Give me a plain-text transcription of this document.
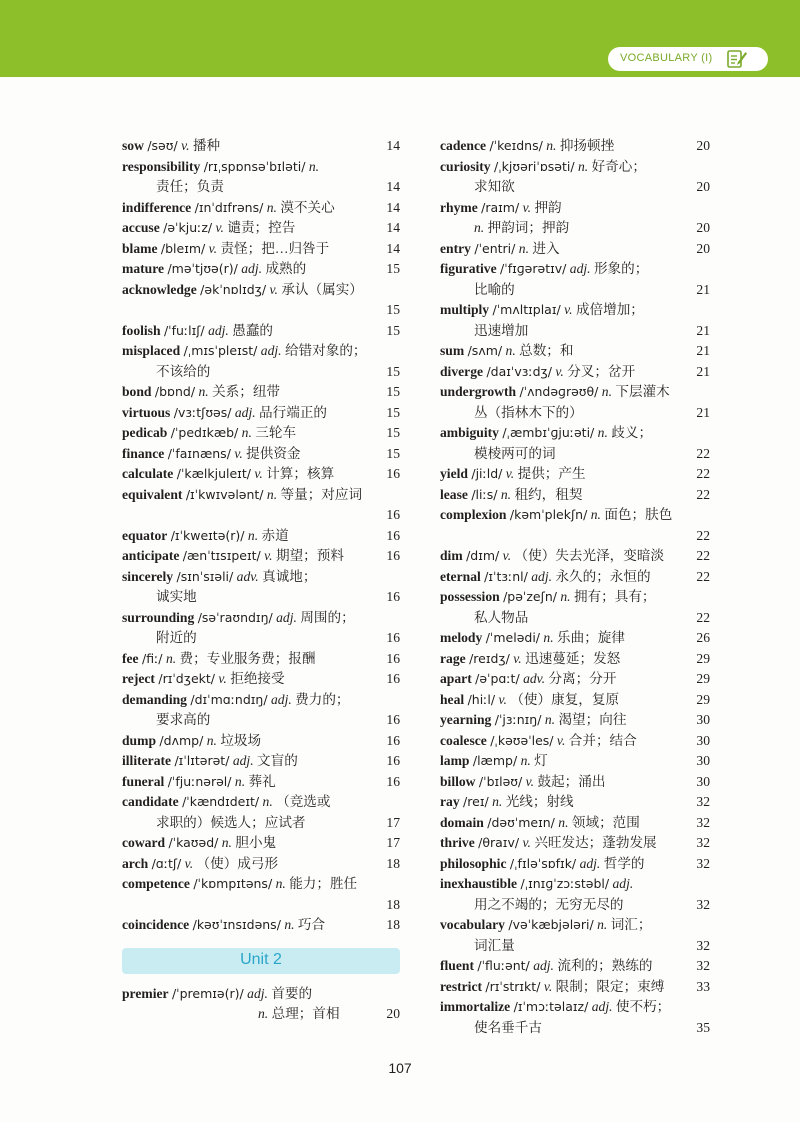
VOCABULARY (I)
sow /səʊ/ v. 播种	14
responsibility /rɪˌspɒnsəˈbɪləti/ n.
责任；负责	14
indifference /ɪnˈdɪfrəns/ n. 漠不关心	14
accuse /əˈkjuːz/ v. 谴责；控告	14
blame /bleɪm/ v. 责怪；把…归咎于	14
mature /məˈtjʊə(r)/ adj. 成熟的	15
acknowledge /əkˈnɒlɪdʒ/ v. 承认（属实）
15
foolish /ˈfuːlɪʃ/ adj. 愚蠢的	15
misplaced /ˌmɪsˈpleɪst/ adj. 给错对象的；
不该给的	15
bond /bɒnd/ n. 关系；纽带	15
virtuous /vɜːtʃʊəs/ adj. 品行端正的	15
pedicab /ˈpedɪkæb/ n. 三轮车	15
finance /ˈfaɪnæns/ v. 提供资金	15
calculate /ˈkælkjuleɪt/ v. 计算；核算	16
equivalent /ɪˈkwɪvələnt/ n. 等量；对应词
16
equator /ɪˈkweɪtə(r)/ n. 赤道	16
anticipate /ænˈtɪsɪpeɪt/ v. 期望；预料	16
sincerely /sɪnˈsɪəli/ adv. 真诚地；
诚实地	16
surrounding /səˈraʊndɪŋ/ adj. 周围的；
附近的	16
fee /fiː/ n. 费；专业服务费；报酬	16
reject /rɪˈdʒekt/ v. 拒绝接受	16
demanding /dɪˈmɑːndɪŋ/ adj. 费力的；
要求高的	16
dump /dʌmp/ n. 垃圾场	16
illiterate /ɪˈlɪtərət/ adj. 文盲的	16
funeral /ˈfjuːnərəl/ n. 葬礼	16
candidate /ˈkændɪdeɪt/ n. （竞选或
求职的）候选人；应试者	17
coward /ˈkaʊəd/ n. 胆小鬼	17
arch /ɑːtʃ/ v. （使）成弓形	18
competence /ˈkɒmpɪtəns/ n. 能力；胜任
18
coincidence /kəʊˈɪnsɪdəns/ n. 巧合	18
Unit 2
premier /ˈpremɪə(r)/ adj. 首要的
n. 总理；首相	20
cadence /ˈkeɪdns/ n. 抑扬顿挫	20
curiosity /ˌkjʊəriˈɒsəti/ n. 好奇心；
求知欲	20
rhyme /raɪm/ v. 押韵
n. 押韵词；押韵	20
entry /ˈentri/ n. 进入	20
figurative /ˈfɪɡərətɪv/ adj. 形象的；
比喻的	21
multiply /ˈmʌltɪplaɪ/ v. 成倍增加；
迅速增加	21
sum /sʌm/ n. 总数；和	21
diverge /daɪˈvɜːdʒ/ v. 分叉；岔开	21
undergrowth /ˈʌndəɡrəʊθ/ n. 下层灌木
丛（指林木下的）	21
ambiguity /ˌæmbɪˈɡjuːəti/ n. 歧义；
模棱两可的词	22
yield /jiːld/ v. 提供；产生	22
lease /liːs/ n. 租约，租契	22
complexion /kəmˈplekʃn/ n. 面色；肤色
22
dim /dɪm/ v. （使）失去光泽，变暗淡 22
eternal /ɪˈtɜːnl/ adj. 永久的；永恒的	22
possession /pəˈzeʃn/ n. 拥有；具有；
私人物品	22
melody /ˈmelədi/ n. 乐曲；旋律	26
rage /reɪdʒ/ v. 迅速蔓延；发怒	29
apart /əˈpɑːt/ adv. 分离；分开	29
heal /hiːl/ v. （使）康复，复原	29
yearning /ˈjɜːnɪŋ/ n. 渴望；向往	30
coalesce /ˌkəʊəˈles/ v. 合并；结合	30
lamp /læmp/ n. 灯	30
billow /ˈbɪləʊ/ v. 鼓起；涌出	30
ray /reɪ/ n. 光线；射线	32
domain /dəʊˈmeɪn/ n. 领域；范围	32
thrive /θraɪv/ v. 兴旺发达；蓬勃发展	32
philosophic /ˌfɪləˈsɒfɪk/ adj. 哲学的	32
inexhaustible /ˌɪnɪɡˈzɔːstəbl/ adj.
用之不竭的；无穷无尽的	32
vocabulary /vəˈkæbjələri/ n. 词汇；
词汇量	32
fluent /ˈfluːənt/ adj. 流利的；熟练的	32
restrict /rɪˈstrɪkt/ v. 限制；限定；束缚 33
immortalize /ɪˈmɔːtəlaɪz/ adj. 使不朽；
使名垂千古	35
107
